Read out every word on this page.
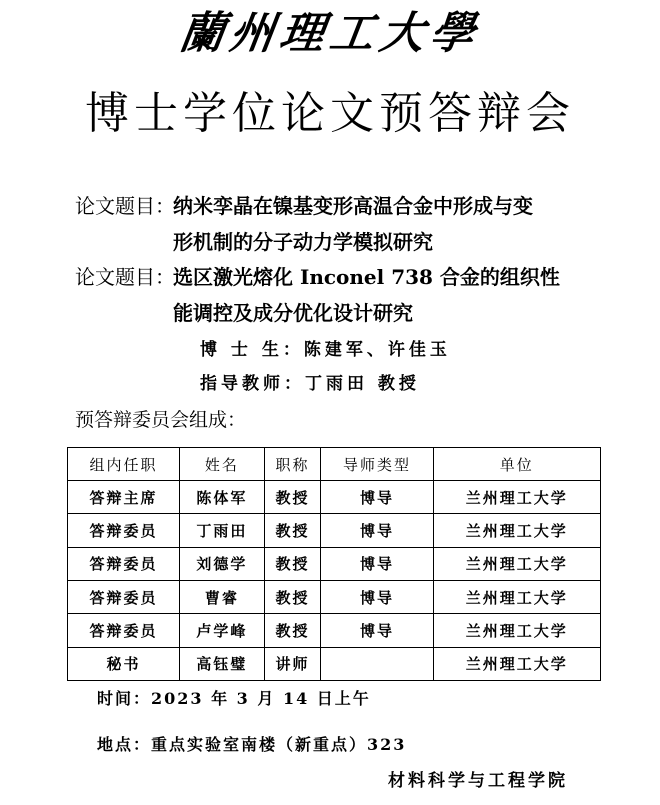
蘭州理工大學
博士学位论文预答辩会
论文题目：
纳米孪晶在镍基变形高温合金中形成与变
形机制的分子动力学模拟研究
论文题目：
选区激光熔化 Inconel 738 合金的组织性
能调控及成分优化设计研究
博 士 生：陈建军、许佳玉
指导教师：丁雨田 教授
预答辩委员会组成：
组内任职	姓名	职称	导师类型	单位
答辩主席	陈体军	教授	博导	兰州理工大学
答辩委员	丁雨田	教授	博导	兰州理工大学
答辩委员	刘德学	教授	博导	兰州理工大学
答辩委员	曹睿	教授	博导	兰州理工大学
答辩委员	卢学峰	教授	博导	兰州理工大学
秘书	高钰璧	讲师		兰州理工大学
时间：2023 年 3 月 14 日上午
地点：重点实验室南楼（新重点）323
材料科学与工程学院
